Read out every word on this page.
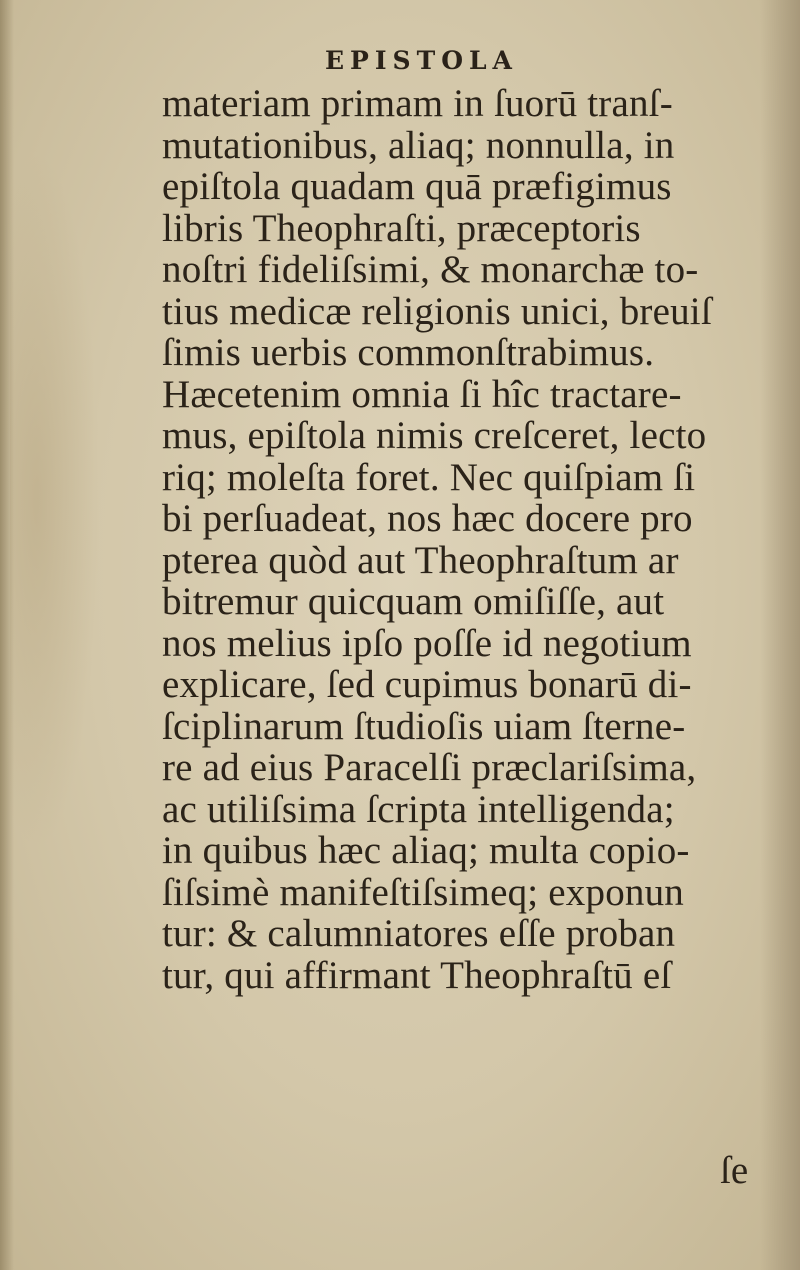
EPISTOLA
materiam primam in ſuorū tranſ-
mutationibus, aliaq; nonnulla, in
epiſtola quadam quā præfigimus
libris Theophraſti, præceptoris
noſtri fideliſsimi, & monarchæ to-
tius medicæ religionis unici, breuiſ
ſimis uerbis commonſtrabimus.
Hæcetenim omnia ſi hîc tractare-
mus, epiſtola nimis creſceret, lecto
riq; moleſta foret. Nec quiſpiam ſi
bi perſuadeat, nos hæc docere pro
pterea quòd aut Theophraſtum ar
bitremur quicquam omiſiſſe, aut
nos melius ipſo poſſe id negotium
explicare, ſed cupimus bonarū di-
ſciplinarum ſtudioſis uiam ſterne-
re ad eius Paracelſi præclariſsima,
ac utiliſsima ſcripta intelligenda;
in quibus hæc aliaq; multa copio-
ſiſsimè manifeſtiſsimeq; exponun
tur: & calumniatores eſſe proban
tur, qui affirmant Theophraſtū eſ
ſe
